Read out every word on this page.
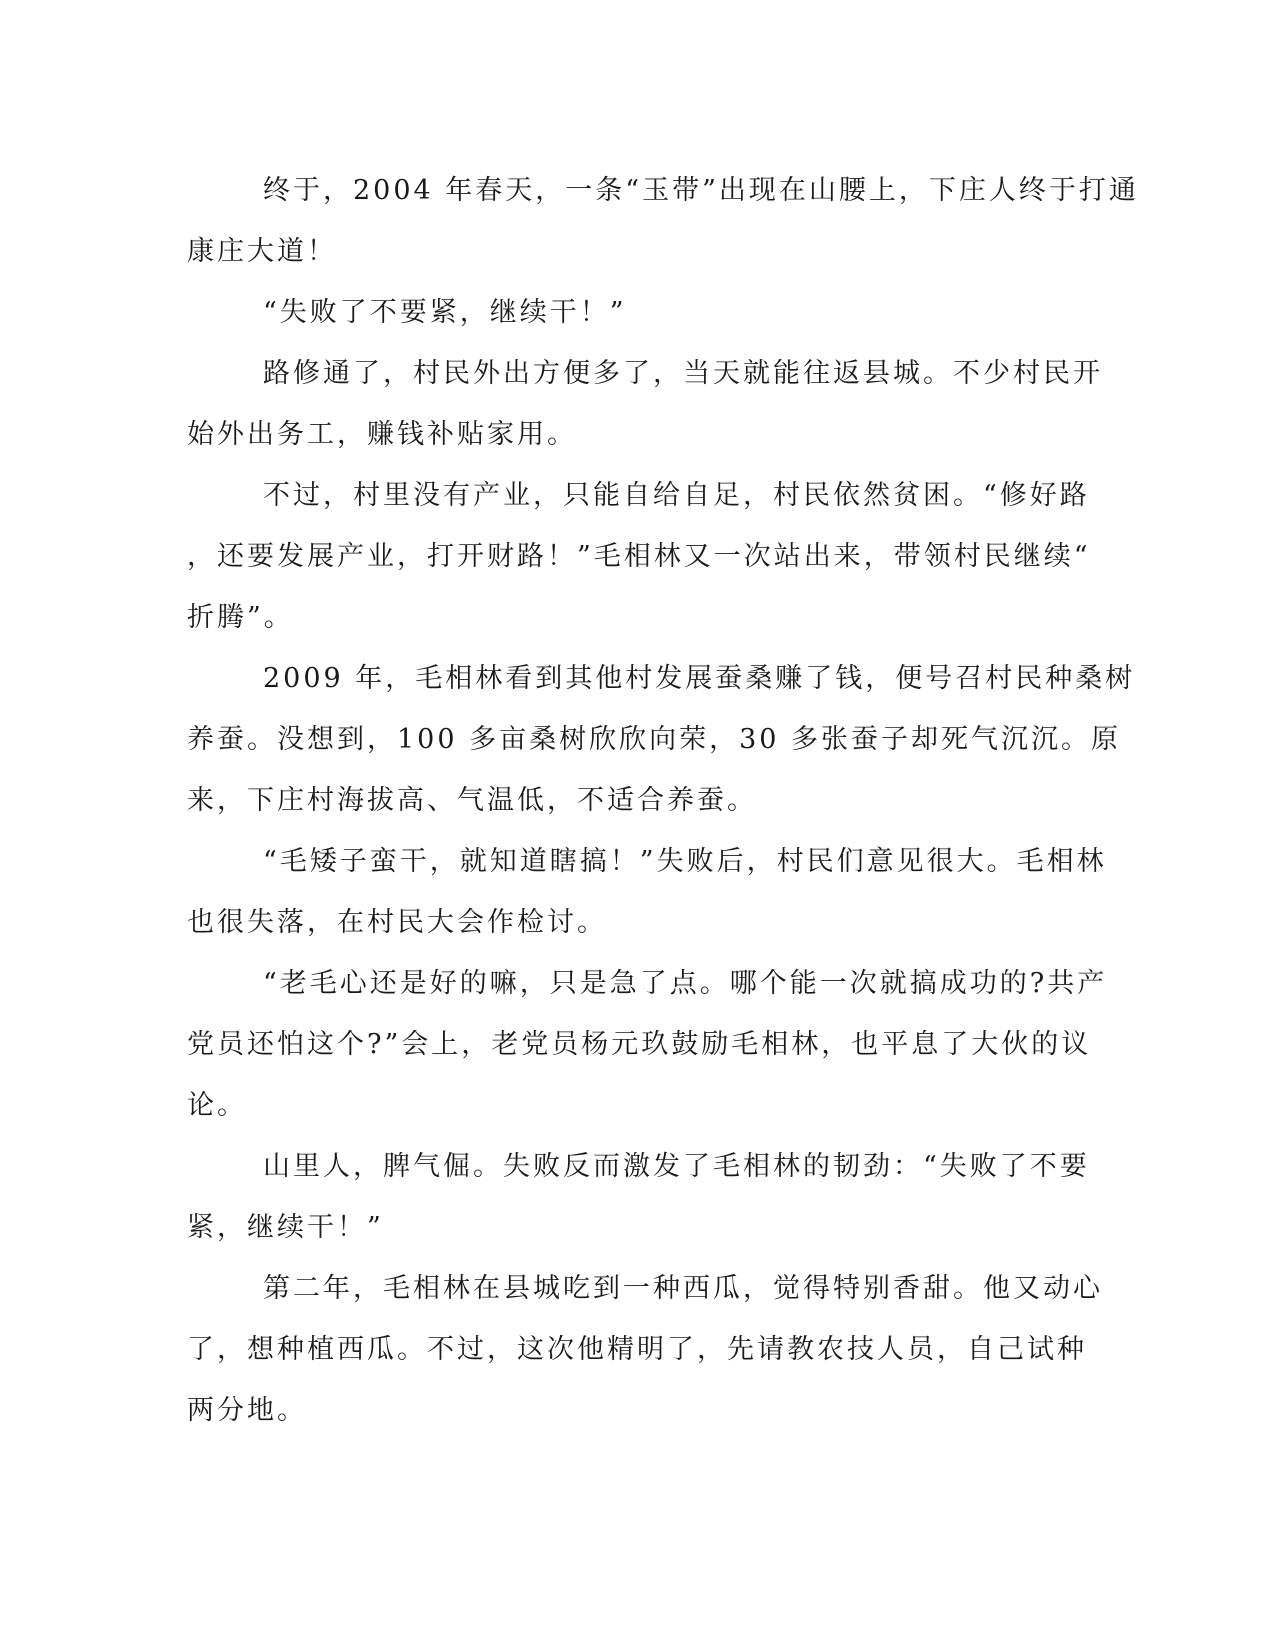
终于，2004 年春天，一条“玉带”出现在山腰上，下庄人终于打通
康庄大道！
“失败了不要紧，继续干！”
路修通了，村民外出方便多了，当天就能往返县城。不少村民开
始外出务工，赚钱补贴家用。
不过，村里没有产业，只能自给自足，村民依然贫困。“修好路
，还要发展产业，打开财路！”毛相林又一次站出来，带领村民继续“
折腾”。
2009 年，毛相林看到其他村发展蚕桑赚了钱，便号召村民种桑树
养蚕。没想到，100 多亩桑树欣欣向荣，30 多张蚕子却死气沉沉。原
来，下庄村海拔高、气温低，不适合养蚕。
“毛矮子蛮干，就知道瞎搞！”失败后，村民们意见很大。毛相林
也很失落，在村民大会作检讨。
“老毛心还是好的嘛，只是急了点。哪个能一次就搞成功的?共产
党员还怕这个?”会上，老党员杨元玖鼓励毛相林，也平息了大伙的议
论。
山里人，脾气倔。失败反而激发了毛相林的韧劲：“失败了不要
紧，继续干！”
第二年，毛相林在县城吃到一种西瓜，觉得特别香甜。他又动心
了，想种植西瓜。不过，这次他精明了，先请教农技人员，自己试种
两分地。
